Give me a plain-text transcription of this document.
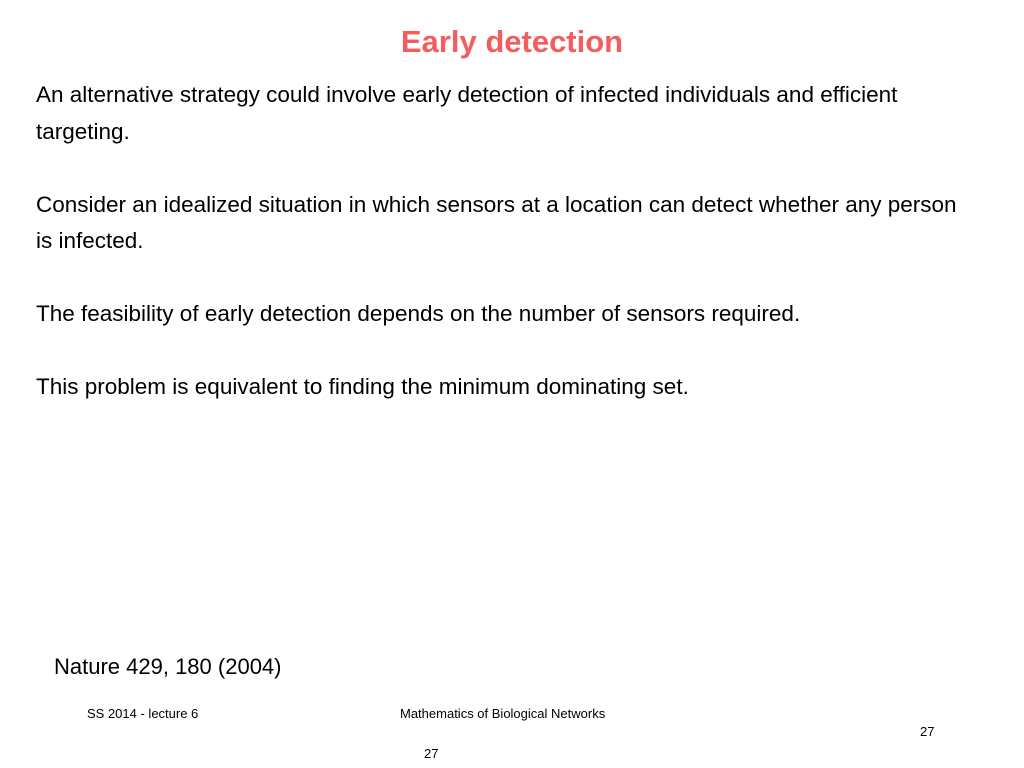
Early detection

An alternative strategy could involve early detection of infected individuals and efficient targeting.

Consider an idealized situation in which sensors at a location can detect whether any person is infected.

The feasibility of early detection depends on the number of sensors required.

This problem is equivalent to finding the minimum dominating set.

Nature 429, 180 (2004)
SS 2014 - lecture 6	Mathematics of Biological Networks
27
27
